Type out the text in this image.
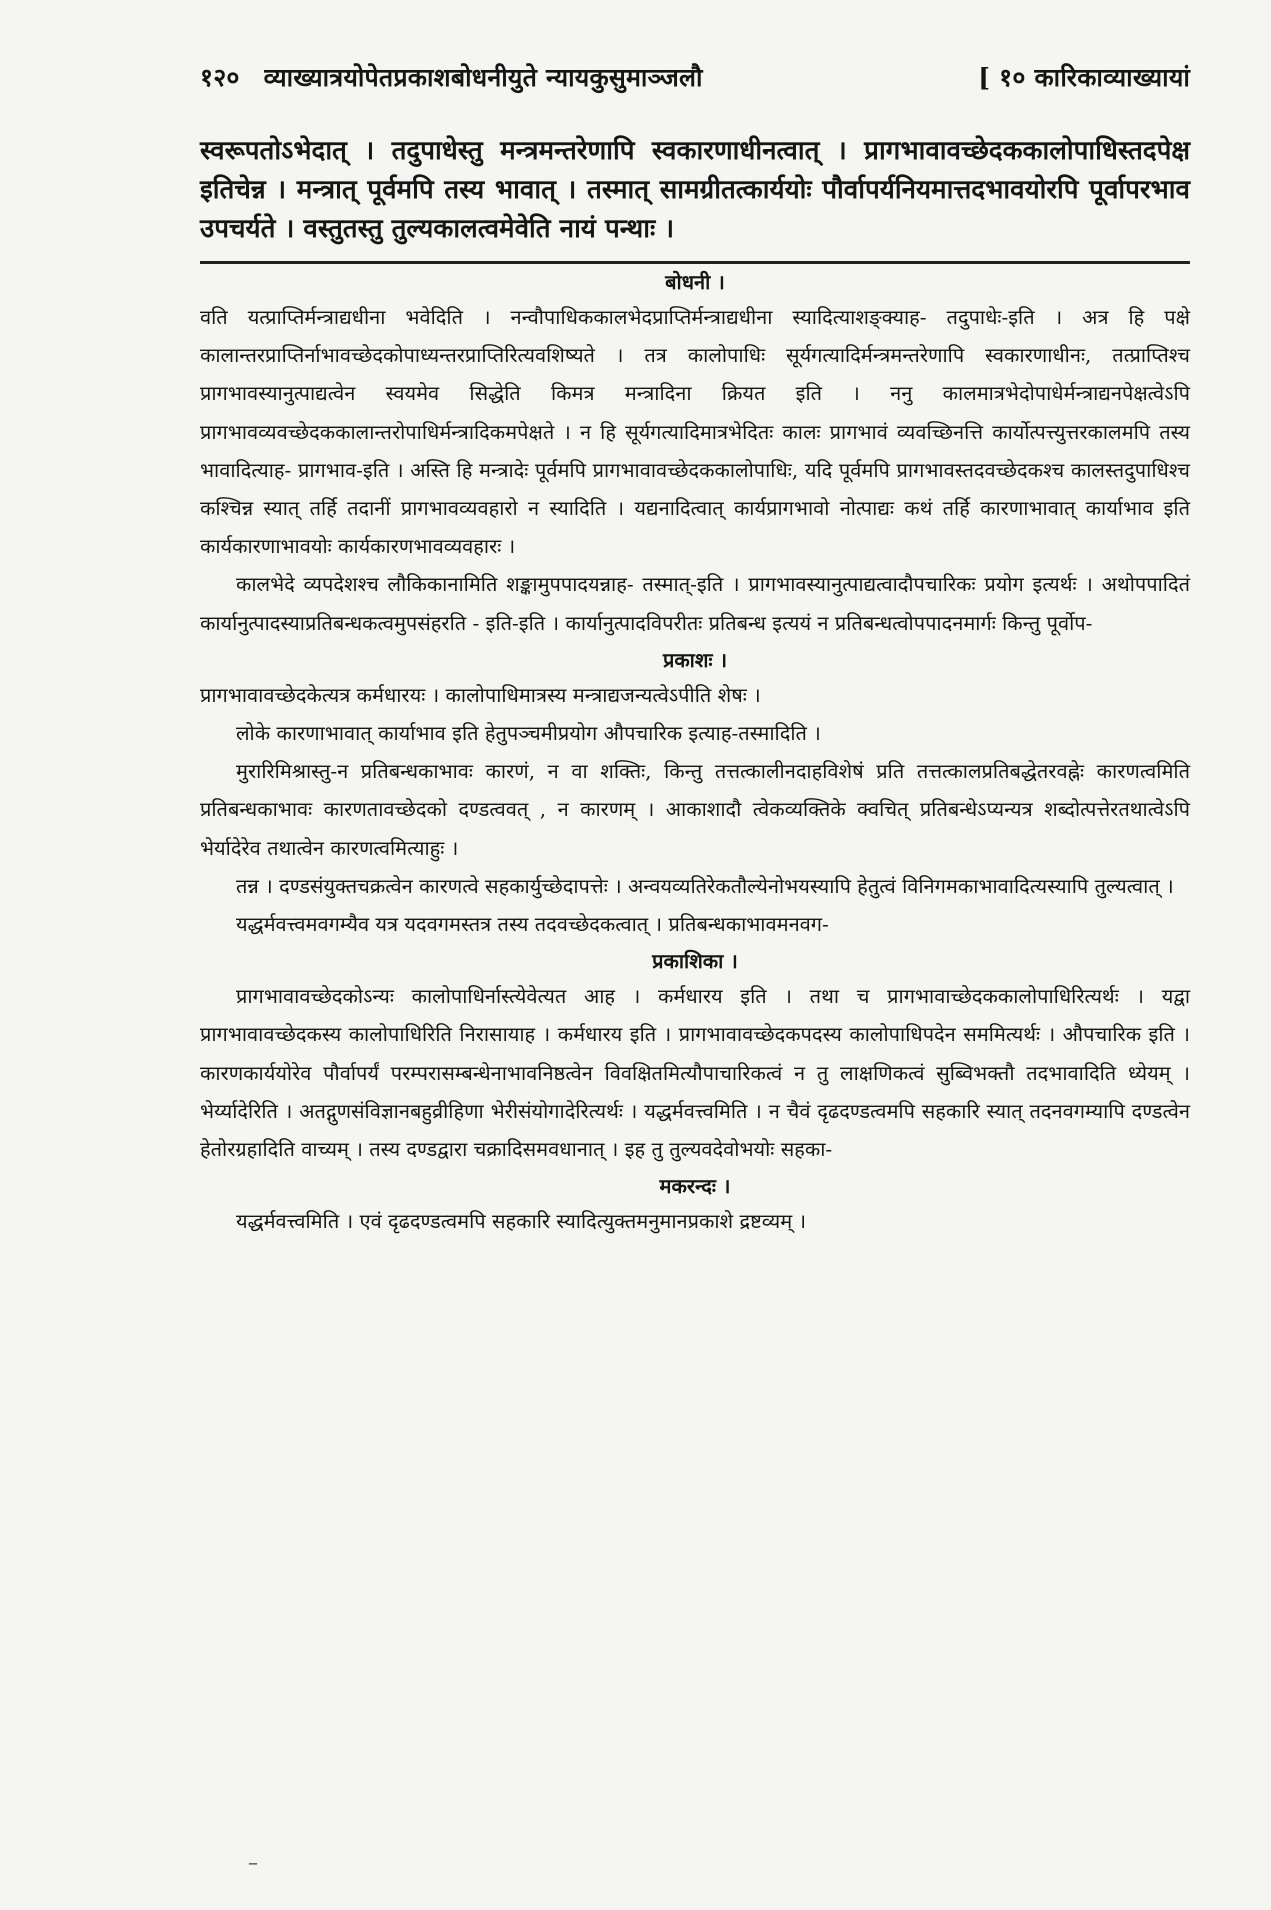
१२० व्याख्यात्रयोपेतप्रकाशबोधनीयुते न्यायकुसुमाञ्जलौ	[ १० कारिकाव्याख्यायां
स्वरूपतोऽभेदात् । तदुपाधेस्तु मन्त्रमन्तरेणापि स्वकारणाधीनत्वात् । प्रागभावावच्छेदककालोपाधिस्तदपेक्ष इतिचेन्न । मन्त्रात् पूर्वमपि तस्य भावात् । तस्मात् सामग्रीतत्कार्ययोः पौर्वापर्यनियमात्तदभावयोरपि पूर्वापरभाव उपचर्यते । वस्तुतस्तु तुल्यकालत्वमेवेति नायं पन्थाः ।
बोधनी ।

वति यत्प्राप्तिर्मन्त्राद्यधीना भवेदिति । नन्वौपाधिककालभेदप्राप्तिर्मन्त्राद्यधीना स्यादित्याशङ्क्याह- तदुपाधेः-इति । अत्र हि पक्षे कालान्तरप्राप्तिर्नाभावच्छेदकोपाध्यन्तरप्राप्तिरित्यवशिष्यते । तत्र कालोपाधिः सूर्यगत्यादिर्मन्त्रमन्तरेणापि स्वकारणाधीनः, तत्प्राप्तिश्च प्रागभावस्यानुत्पाद्यत्वेन स्वयमेव सिद्धेति किमत्र मन्त्रादिना क्रियत इति । ननु कालमात्रभेदोपाधेर्मन्त्राद्यनपेक्षत्वेऽपि प्रागभावव्यवच्छेदककालान्तरोपाधिर्मन्त्रादिकमपेक्षते । न हि सूर्यगत्यादिमात्रभेदितः कालः प्रागभावं व्यवच्छिनत्ति कार्योत्पत्त्युत्तरकालमपि तस्य भावादित्याह- प्रागभाव-इति । अस्ति हि मन्त्रादेः पूर्वमपि प्रागभावावच्छेदककालोपाधिः, यदि पूर्वमपि प्रागभावस्तदवच्छेदकश्च कालस्तदुपाधिश्च कश्चिन्न स्यात् तर्हि तदानीं प्रागभावव्यवहारो न स्यादिति । यद्यनादित्वात् कार्यप्रागभावो नोत्पाद्यः कथं तर्हि कारणाभावात् कार्याभाव इति कार्यकारणाभावयोः कार्यकारणभावव्यवहारः ।

कालभेदे व्यपदेशश्च लौकिकानामिति शङ्कामुपपादयन्नाह- तस्मात्-इति । प्रागभावस्यानुत्पाद्यत्वादौपचारिकः प्रयोग इत्यर्थः । अथोपपादितं कार्यानुत्पादस्याप्रतिबन्धकत्वमुपसंहरति - इति-इति । कार्यानुत्पादविपरीतः प्रतिबन्ध इत्ययं न प्रतिबन्धत्वोपपादनमार्गः किन्तु पूर्वोप-

प्रकाशः ।

प्रागभावावच्छेदकेत्यत्र कर्मधारयः । कालोपाधिमात्रस्य मन्त्राद्यजन्यत्वेऽपीति शेषः ।

लोके कारणाभावात् कार्याभाव इति हेतुपञ्चमीप्रयोग औपचारिक इत्याह-तस्मादिति ।

मुरारिमिश्रास्तु-न प्रतिबन्धकाभावः कारणं, न वा शक्तिः, किन्तु तत्तत्कालीनदाहविशेषं प्रति तत्तत्कालप्रतिबद्धेतरवह्नेः कारणत्वमिति प्रतिबन्धकाभावः कारणतावच्छेदको दण्डत्ववत् , न कारणम् । आकाशादौ त्वेकव्यक्तिके क्वचित् प्रतिबन्धेऽप्यन्यत्र शब्दोत्पत्तेरतथात्वेऽपि भेर्यादेरेव तथात्वेन कारणत्वमित्याहुः ।

तन्न । दण्डसंयुक्तचक्रत्वेन कारणत्वे सहकार्युच्छेदापत्तेः । अन्वयव्यतिरेकतौल्येनोभयस्यापि हेतुत्वं विनिगमकाभावादित्यस्यापि तुल्यत्वात् ।

यद्धर्मवत्त्वमवगम्यैव यत्र यदवगमस्तत्र तस्य तदवच्छेदकत्वात् । प्रतिबन्धकाभावमनवग-

प्रकाशिका ।

प्रागभावावच्छेदकोऽन्यः कालोपाधिर्नास्त्येवेत्यत आह । कर्मधारय इति । तथा च प्रागभावाच्छेदककालोपाधिरित्यर्थः । यद्वा प्रागभावावच्छेदकस्य कालोपाधिरिति निरासायाह । कर्मधारय इति । प्रागभावावच्छेदकपदस्य कालोपाधिपदेन सममित्यर्थः । औपचारिक इति । कारणकार्ययोरेव पौर्वापर्यं परम्परासम्बन्धेनाभावनिष्ठत्वेन विवक्षितमित्यौपाचारिकत्वं न तु लाक्षणिकत्वं सुब्विभक्तौ तदभावादिति ध्येयम् । भेर्य्यादेरिति । अतद्गुणसंविज्ञानबहुव्रीहिणा भेरीसंयोगादेरित्यर्थः । यद्धर्मवत्त्वमिति । न चैवं दृढदण्डत्वमपि सहकारि स्यात् तदनवगम्यापि दण्डत्वेन हेतोरग्रहादिति वाच्यम् । तस्य दण्डद्वारा चक्रादिसमवधानात् । इह तु तुल्यवदेवोभयोः सहका-

मकरन्दः ।

यद्धर्मवत्त्वमिति । एवं दृढदण्डत्वमपि सहकारि स्यादित्युक्तमनुमानप्रकाशे द्रष्टव्यम् ।

–
